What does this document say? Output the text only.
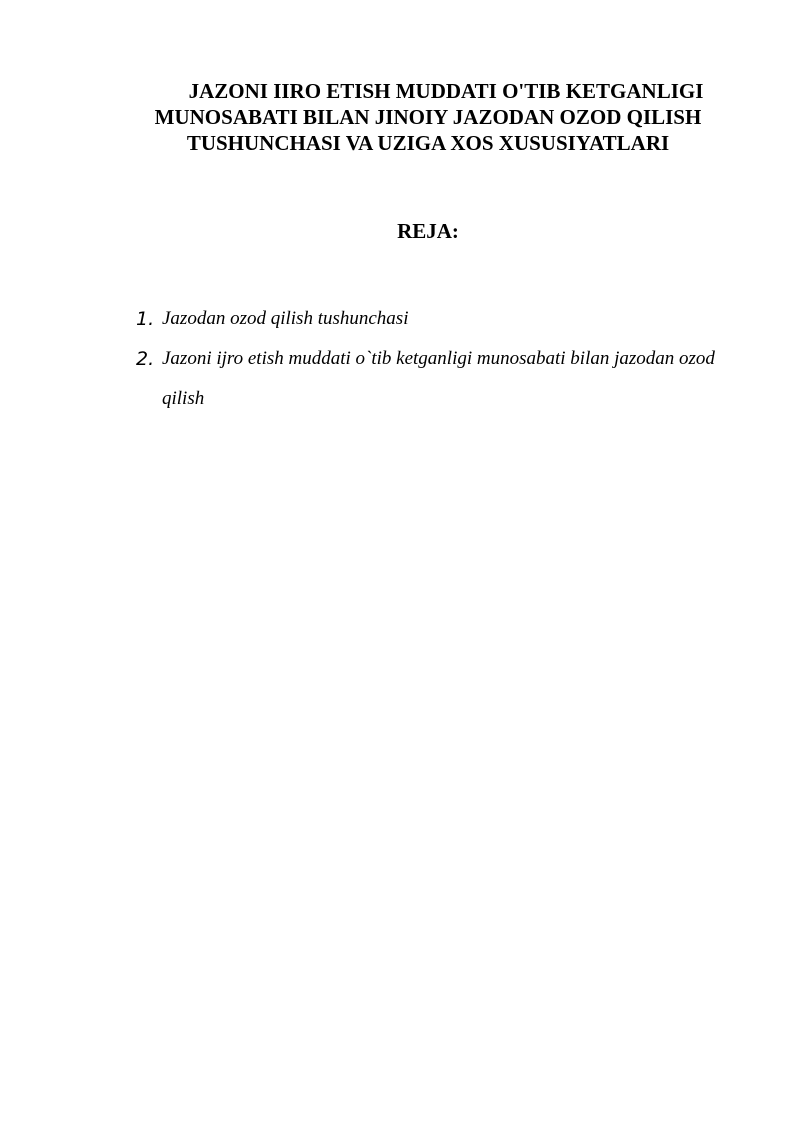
JAZONI IIRO ETISH MUDDATI O'TIB KETGANLIGI MUNOSABATI BILAN JINOIY JAZODAN OZOD QILISH TUSHUNCHASI VA UZIGA XOS XUSUSIYATLARI
REJA:
1. Jazodan ozod qilish tushunchasi
2. Jazoni ijro etish muddati o`tib ketganligi munosabati bilan jazodan ozod qilish
